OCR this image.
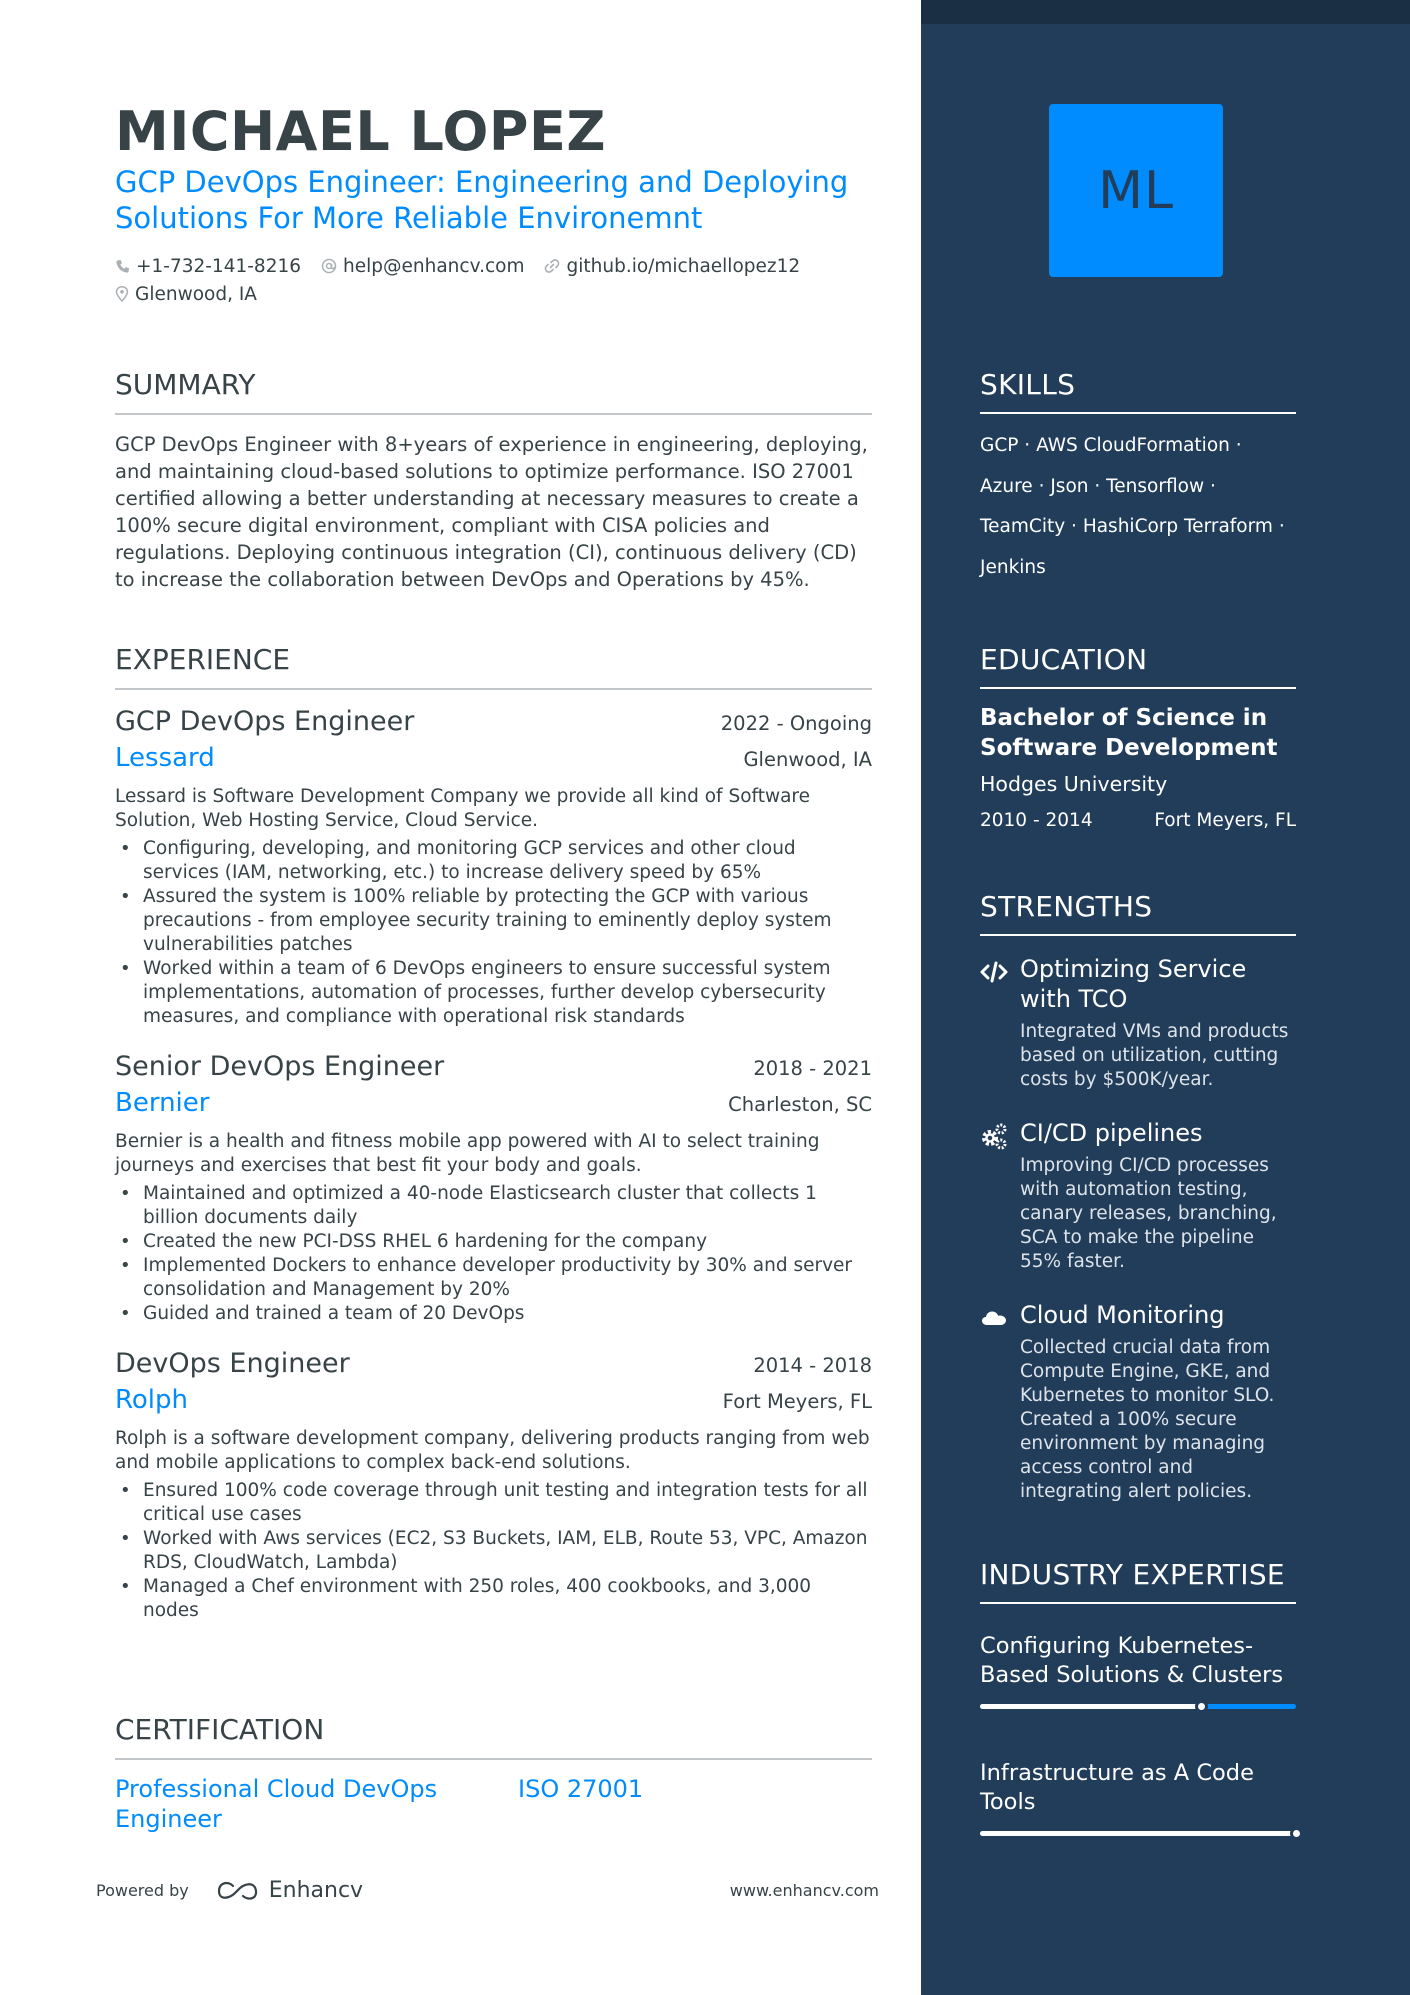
MICHAEL LOPEZ
GCP DevOps Engineer: Engineering and Deploying Solutions For More Reliable Environemnt
+1-732-141-8216 help@enhancv.com github.io/michaellopez12
Glenwood, IA
SUMMARY
GCP DevOps Engineer with 8+years of experience in engineering, deploying, and maintaining cloud-based solutions to optimize performance. ISO 27001 certified allowing a better understanding at necessary measures to create a 100% secure digital environment, compliant with CISA policies and regulations. Deploying continuous integration (CI), continuous delivery (CD) to increase the collaboration between DevOps and Operations by 45%.
EXPERIENCE
GCP DevOps Engineer	2022 - Ongoing
Lessard	Glenwood, IA
Lessard is Software Development Company we provide all kind of Software Solution, Web Hosting Service, Cloud Service.
• Configuring, developing, and monitoring GCP services and other cloud services (IAM, networking, etc.) to increase delivery speed by 65%
• Assured the system is 100% reliable by protecting the GCP with various precautions - from employee security training to eminently deploy system vulnerabilities patches
• Worked within a team of 6 DevOps engineers to ensure successful system implementations, automation of processes, further develop cybersecurity measures, and compliance with operational risk standards
Senior DevOps Engineer	2018 - 2021
Bernier	Charleston, SC
Bernier is a health and fitness mobile app powered with AI to select training journeys and exercises that best fit your body and goals.
• Maintained and optimized a 40-node Elasticsearch cluster that collects 1 billion documents daily
• Created the new PCI-DSS RHEL 6 hardening for the company
• Implemented Dockers to enhance developer productivity by 30% and server consolidation and Management by 20%
• Guided and trained a team of 20 DevOps
DevOps Engineer	2014 - 2018
Rolph	Fort Meyers, FL
Rolph is a software development company, delivering products ranging from web and mobile applications to complex back-end solutions.
• Ensured 100% code coverage through unit testing and integration tests for all critical use cases
• Worked with Aws services (EC2, S3 Buckets, IAM, ELB, Route 53, VPC, Amazon RDS, CloudWatch, Lambda)
• Managed a Chef environment with 250 roles, 400 cookbooks, and 3,000 nodes
CERTIFICATION
Professional Cloud DevOps Engineer
ISO 27001
Powered by	Enhancv	www.enhancv.com
ML
SKILLS
GCP · AWS CloudFormation ·
Azure · Json · Tensorflow ·
TeamCity · HashiCorp Terraform ·
Jenkins
EDUCATION
Bachelor of Science in Software Development
Hodges University
2010 - 2014	Fort Meyers, FL
STRENGTHS
Optimizing Service with TCO
Integrated VMs and products based on utilization, cutting costs by $500K/year.
CI/CD pipelines
Improving CI/CD processes with automation testing, canary releases, branching, SCA to make the pipeline 55% faster.
Cloud Monitoring
Collected crucial data from Compute Engine, GKE, and Kubernetes to monitor SLO. Created a 100% secure environment by managing access control and integrating alert policies.
INDUSTRY EXPERTISE
Configuring Kubernetes-Based Solutions & Clusters
Infrastructure as A Code Tools
